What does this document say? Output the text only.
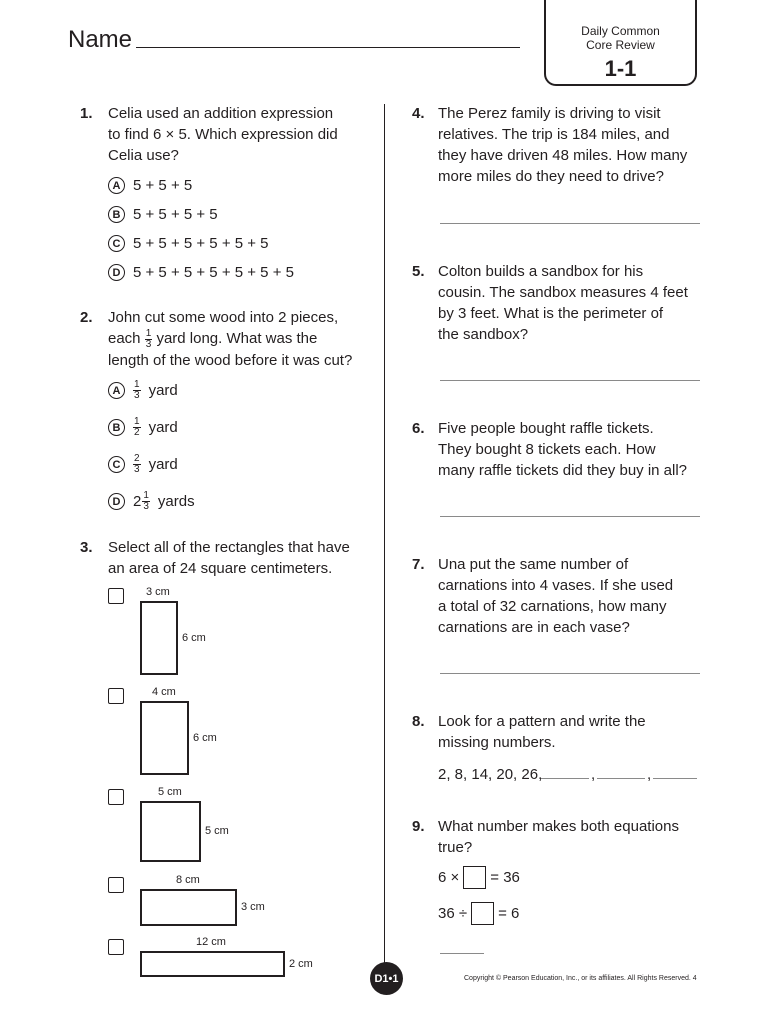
Name	Daily Common
Core Review
1-1
1. Celia used an addition expression
to find 6 × 5. Which expression did
Celia use?
A 5 + 5 + 5
B 5 + 5 + 5 + 5
C 5 + 5 + 5 + 5 + 5 + 5
D 5 + 5 + 5 + 5 + 5 + 5 + 5
2. John cut some wood into 2 pieces,
each $\frac{1}{3}$ yard long. What was the
length of the wood before it was cut?
A	$\frac{1}{3}$ yard
B	$\frac{1}{2}$ yard
C	$\frac{2}{3}$ yard
D $2 \frac{1}{3}$ yards
3. Select all of the rectangles that have
an area of 24 square centimeters.
3 cm
6 cm
4 cm
6 cm
5 cm
5 cm
8 cm
3 cm
12 cm
2 cm
4. The Perez family is driving to visit
relatives. The trip is 184 miles, and
they have driven 48 miles. How many
more miles do they need to drive?
5. Colton builds a sandbox for his
cousin. The sandbox measures 4 feet
by 3 feet. What is the perimeter of
the sandbox?
6. Five people bought raffle tickets.
They bought 8 tickets each. How
many raffle tickets did they buy in all?
7. Una put the same number of
carnations into 4 vases. If she used
a total of 32 carnations, how many
carnations are in each vase?
8. Look for a pattern and write the
missing numbers.
2, 8, 14, 20, 26,	,	,
9. What number makes both equations
true?
6 × = 36
36 ÷ = 6
D1•1	Copyright © Pearson Education, Inc., or its affiliates. All Rights Reserved. 4
